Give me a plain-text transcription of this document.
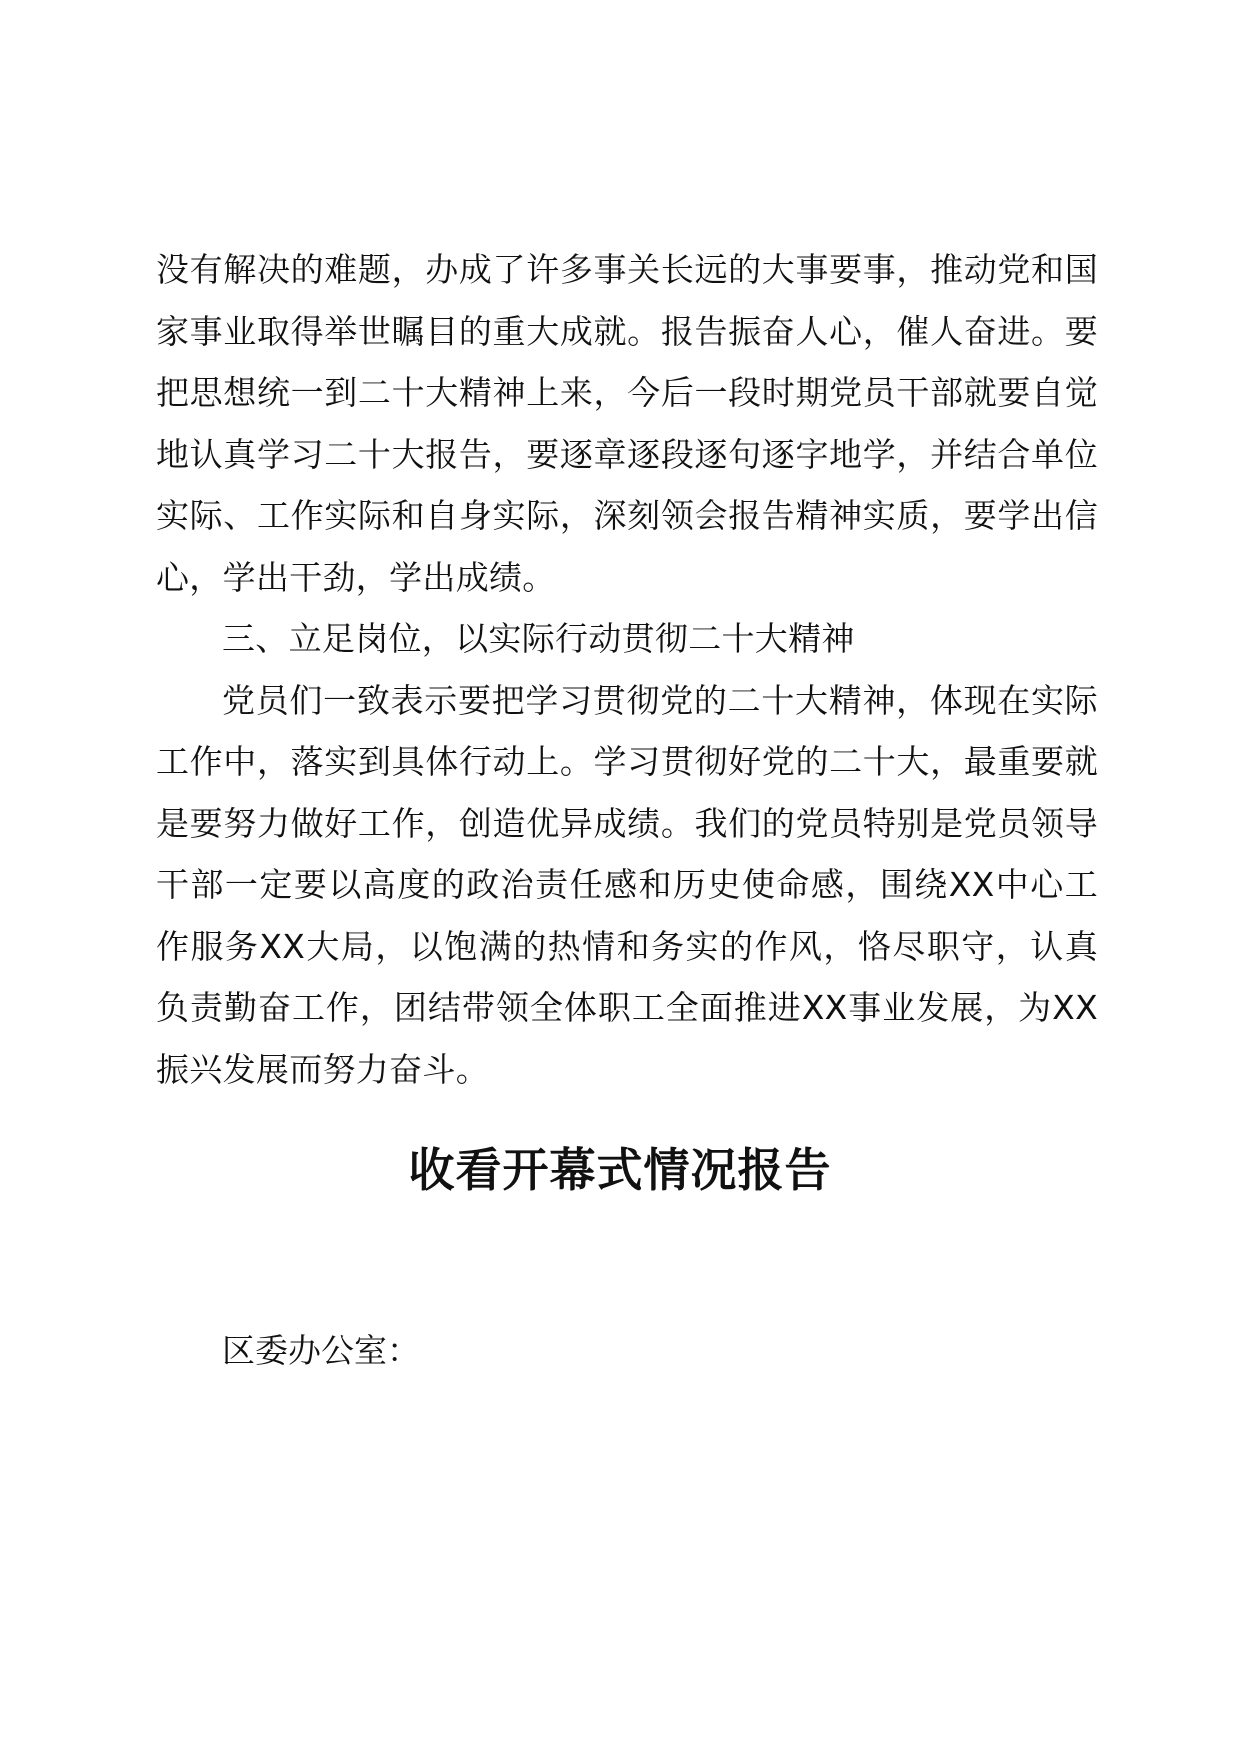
没有解决的难题，办成了许多事关长远的大事要事，推动党和国家事业取得举世瞩目的重大成就。报告振奋人心，催人奋进。要把思想统一到二十大精神上来，今后一段时期党员干部就要自觉地认真学习二十大报告，要逐章逐段逐句逐字地学，并结合单位实际、工作实际和自身实际，深刻领会报告精神实质，要学出信心，学出干劲，学出成绩。

三、立足岗位，以实际行动贯彻二十大精神

党员们一致表示要把学习贯彻党的二十大精神，体现在实际工作中，落实到具体行动上。学习贯彻好党的二十大，最重要就是要努力做好工作，创造优异成绩。我们的党员特别是党员领导干部一定要以高度的政治责任感和历史使命感，围绕XX中心工作服务XX大局，以饱满的热情和务实的作风，恪尽职守，认真负责勤奋工作，团结带领全体职工全面推进XX事业发展，为XX振兴发展而努力奋斗。

收看开幕式情况报告

区委办公室：
